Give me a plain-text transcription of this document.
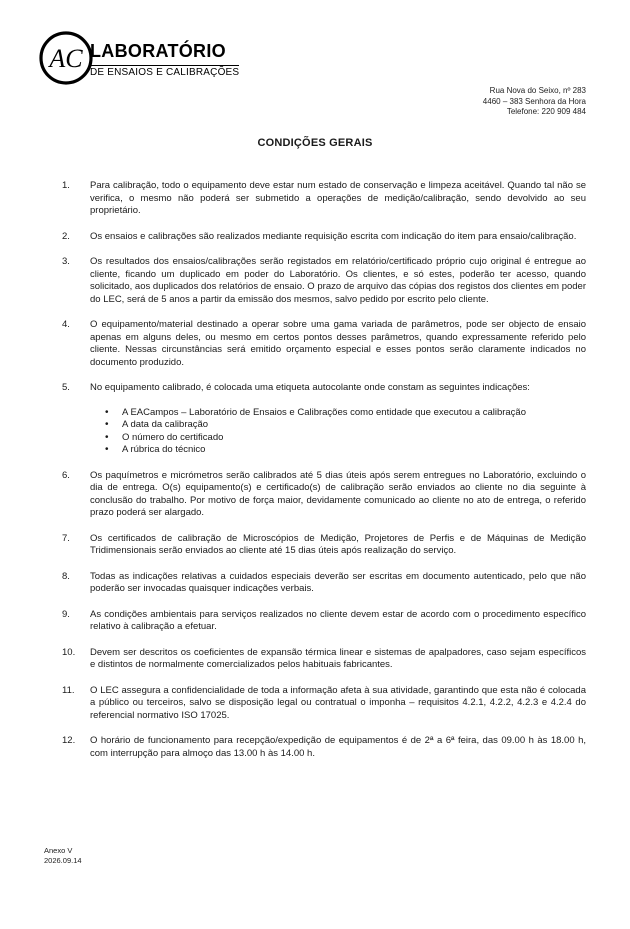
AC LABORATÓRIO
DE ENSAIOS E CALIBRAÇÕES
Rua Nova do Seixo, nº 283
4460 – 383 Senhora da Hora
Telefone: 220 909 484
CONDIÇÕES GERAIS
1. Para calibração, todo o equipamento deve estar num estado de conservação e limpeza aceitável. Quando tal não se verifica, o mesmo não poderá ser submetido a operações de medição/calibração, sendo devolvido ao seu proprietário.
2. Os ensaios e calibrações são realizados mediante requisição escrita com indicação do item para ensaio/calibração.
3. Os resultados dos ensaios/calibrações serão registados em relatório/certificado próprio cujo original é entregue ao cliente, ficando um duplicado em poder do Laboratório. Os clientes, e só estes, poderão ter acesso, quando solicitado, aos duplicados dos relatórios de ensaio. O prazo de arquivo das cópias dos registos dos clientes em poder do LEC, será de 5 anos a partir da emissão dos mesmos, salvo pedido por escrito pelo cliente.
4. O equipamento/material destinado a operar sobre uma gama variada de parâmetros, pode ser objecto de ensaio apenas em alguns deles, ou mesmo em certos pontos desses parâmetros, quando expressamente referido pelo cliente. Nessas circunstâncias será emitido orçamento especial e esses pontos serão claramente indicados no documento produzido.
5. No equipamento calibrado, é colocada uma etiqueta autocolante onde constam as seguintes indicações:
• A EACampos – Laboratório de Ensaios e Calibrações como entidade que executou a calibração
• A data da calibração
• O número do certificado
• A rúbrica do técnico
6. Os paquímetros e micrómetros serão calibrados até 5 dias úteis após serem entregues no Laboratório, excluindo o dia de entrega. O(s) equipamento(s) e certificado(s) de calibração serão enviados ao cliente no dia seguinte à conclusão do trabalho. Por motivo de força maior, devidamente comunicado ao cliente no ato de entrega, o referido prazo poderá ser alargado.
7. Os certificados de calibração de Microscópios de Medição, Projetores de Perfis e de Máquinas de Medição Tridimensionais serão enviados ao cliente até 15 dias úteis após realização do serviço.
8. Todas as indicações relativas a cuidados especiais deverão ser escritas em documento autenticado, pelo que não poderão ser invocadas quaisquer indicações verbais.
9. As condições ambientais para serviços realizados no cliente devem estar de acordo com o procedimento específico relativo à calibração a efetuar.
10. Devem ser descritos os coeficientes de expansão térmica linear e sistemas de apalpadores, caso sejam específicos e distintos de normalmente comercializados pelos habituais fabricantes.
11. O LEC assegura a confidencialidade de toda a informação afeta à sua atividade, garantindo que esta não é colocada a público ou terceiros, salvo se disposição legal ou contratual o imponha – requisitos 4.2.1, 4.2.2, 4.2.3 e 4.2.4 do referencial normativo ISO 17025.
12. O horário de funcionamento para recepção/expedição de equipamentos é de 2ª a 6ª feira, das 09.00 h às 18.00 h, com interrupção para almoço das 13.00 h às 14.00 h.
Anexo V
2026.09.14
